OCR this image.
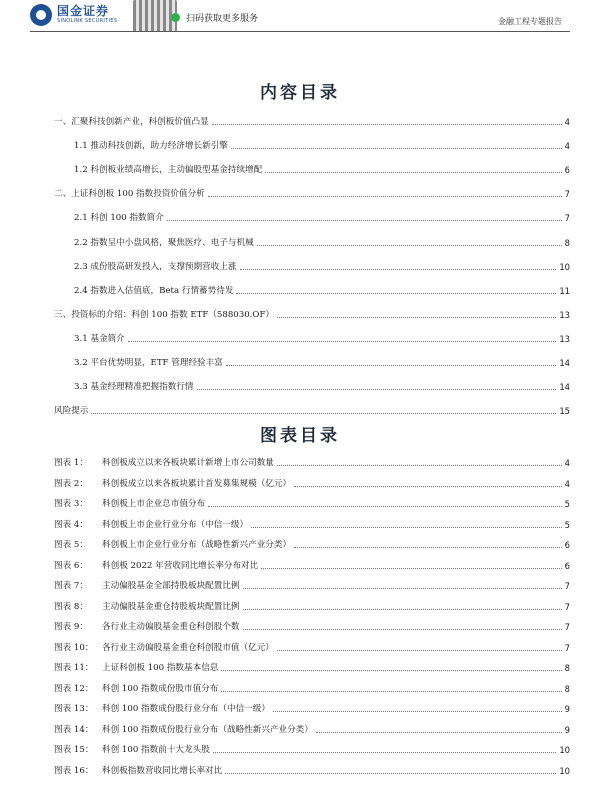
国金证券
SINOLINK SECURITIES	扫码获取更多服务	金融工程专题报告
内容目录
一、汇聚科技创新产业，科创板价值凸显	4
1.1 推动科技创新，助力经济增长新引擎	4
1.2 科创板业绩高增长，主动偏股型基金持续增配	6
二、上证科创板 100 指数投资价值分析	7
2.1 科创 100 指数简介	7
2.2 指数呈中小盘风格，聚焦医疗、电子与机械	8
2.3 成份股高研发投入，支撑预期营收上涨	10
2.4 指数进入估值底，Beta 行情蓄势待发	11
三、投资标的介绍：科创 100 指数 ETF（588030.OF）	13
3.1 基金简介	13
3.2 平台优势明显，ETF 管理经验丰富	14
3.3 基金经理精准把握指数行情	14
风险提示	15
图表目录
图表 1：	科创板成立以来各板块累计新增上市公司数量	4
图表 2：	科创板成立以来各板块累计首发募集规模（亿元）	4
图表 3：	科创板上市企业总市值分布	5
图表 4：	科创板上市企业行业分布（中信一级）	5
图表 5：	科创板上市企业行业分布（战略性新兴产业分类）	6
图表 6：	科创板 2022 年营收同比增长率分布对比	6
图表 7：	主动偏股基金全部持股板块配置比例	7
图表 8：	主动偏股基金重仓持股板块配置比例	7
图表 9：	各行业主动偏股基金重仓科创股个数	7
图表 10： 各行业主动偏股基金重仓科创股市值（亿元）	7
图表 11： 上证科创板 100 指数基本信息	8
图表 12： 科创 100 指数成份股市值分布	8
图表 13： 科创 100 指数成份股行业分布（中信一级）	9
图表 14： 科创 100 指数成份股行业分布（战略性新兴产业分类）	9
图表 15： 科创 100 指数前十大龙头股	10
图表 16： 科创板指数营收同比增长率对比	10
